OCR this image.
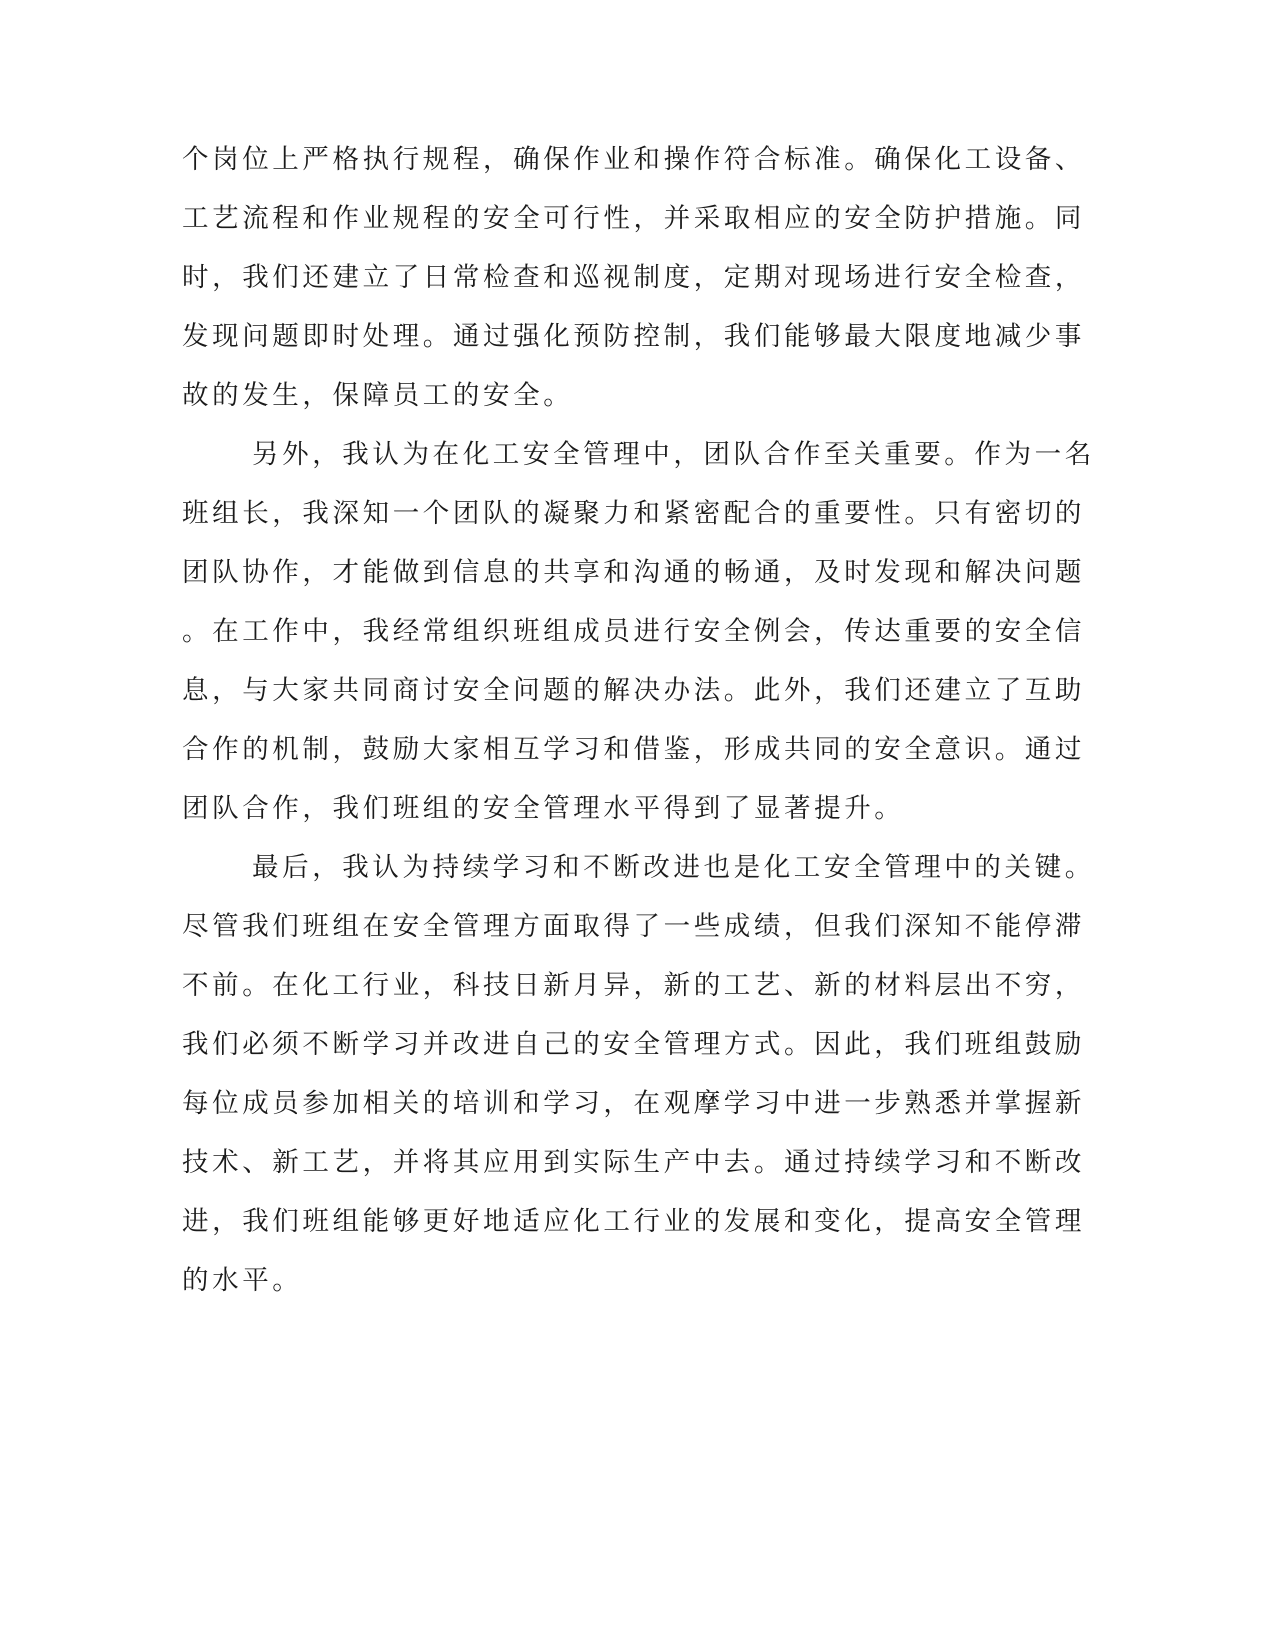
个岗位上严格执行规程，确保作业和操作符合标准。确保化工设备、
工艺流程和作业规程的安全可行性，并采取相应的安全防护措施。同
时，我们还建立了日常检查和巡视制度，定期对现场进行安全检查，
发现问题即时处理。通过强化预防控制，我们能够最大限度地减少事
故的发生，保障员工的安全。
另外，我认为在化工安全管理中，团队合作至关重要。作为一名
班组长，我深知一个团队的凝聚力和紧密配合的重要性。只有密切的
团队协作，才能做到信息的共享和沟通的畅通，及时发现和解决问题
。在工作中，我经常组织班组成员进行安全例会，传达重要的安全信
息，与大家共同商讨安全问题的解决办法。此外，我们还建立了互助
合作的机制，鼓励大家相互学习和借鉴，形成共同的安全意识。通过
团队合作，我们班组的安全管理水平得到了显著提升。
最后，我认为持续学习和不断改进也是化工安全管理中的关键。
尽管我们班组在安全管理方面取得了一些成绩，但我们深知不能停滞
不前。在化工行业，科技日新月异，新的工艺、新的材料层出不穷，
我们必须不断学习并改进自己的安全管理方式。因此，我们班组鼓励
每位成员参加相关的培训和学习，在观摩学习中进一步熟悉并掌握新
技术、新工艺，并将其应用到实际生产中去。通过持续学习和不断改
进，我们班组能够更好地适应化工行业的发展和变化，提高安全管理
的水平。
